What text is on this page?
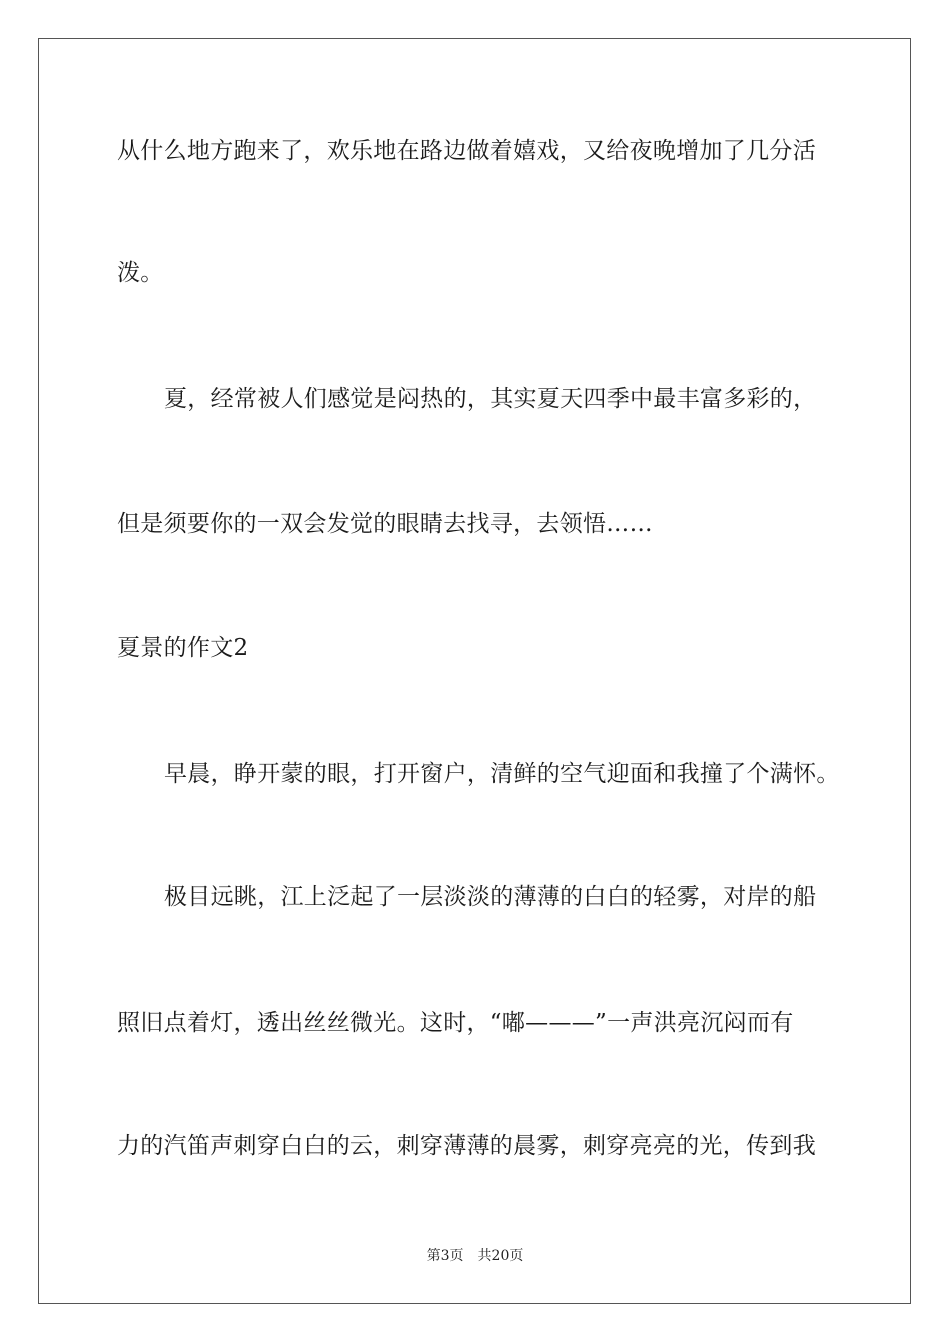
从什么地方跑来了，欢乐地在路边做着嬉戏，又给夜晚增加了几分活
泼。
夏，经常被人们感觉是闷热的，其实夏天四季中最丰富多彩的，
但是须要你的一双会发觉的眼睛去找寻，去领悟……
夏景的作文2
早晨，睁开蒙的眼，打开窗户，清鲜的空气迎面和我撞了个满怀。
极目远眺，江上泛起了一层淡淡的薄薄的白白的轻雾，对岸的船
照旧点着灯，透出丝丝微光。这时，“嘟———”一声洪亮沉闷而有
力的汽笛声刺穿白白的云，刺穿薄薄的晨雾，刺穿亮亮的光，传到我
第3页　共20页
